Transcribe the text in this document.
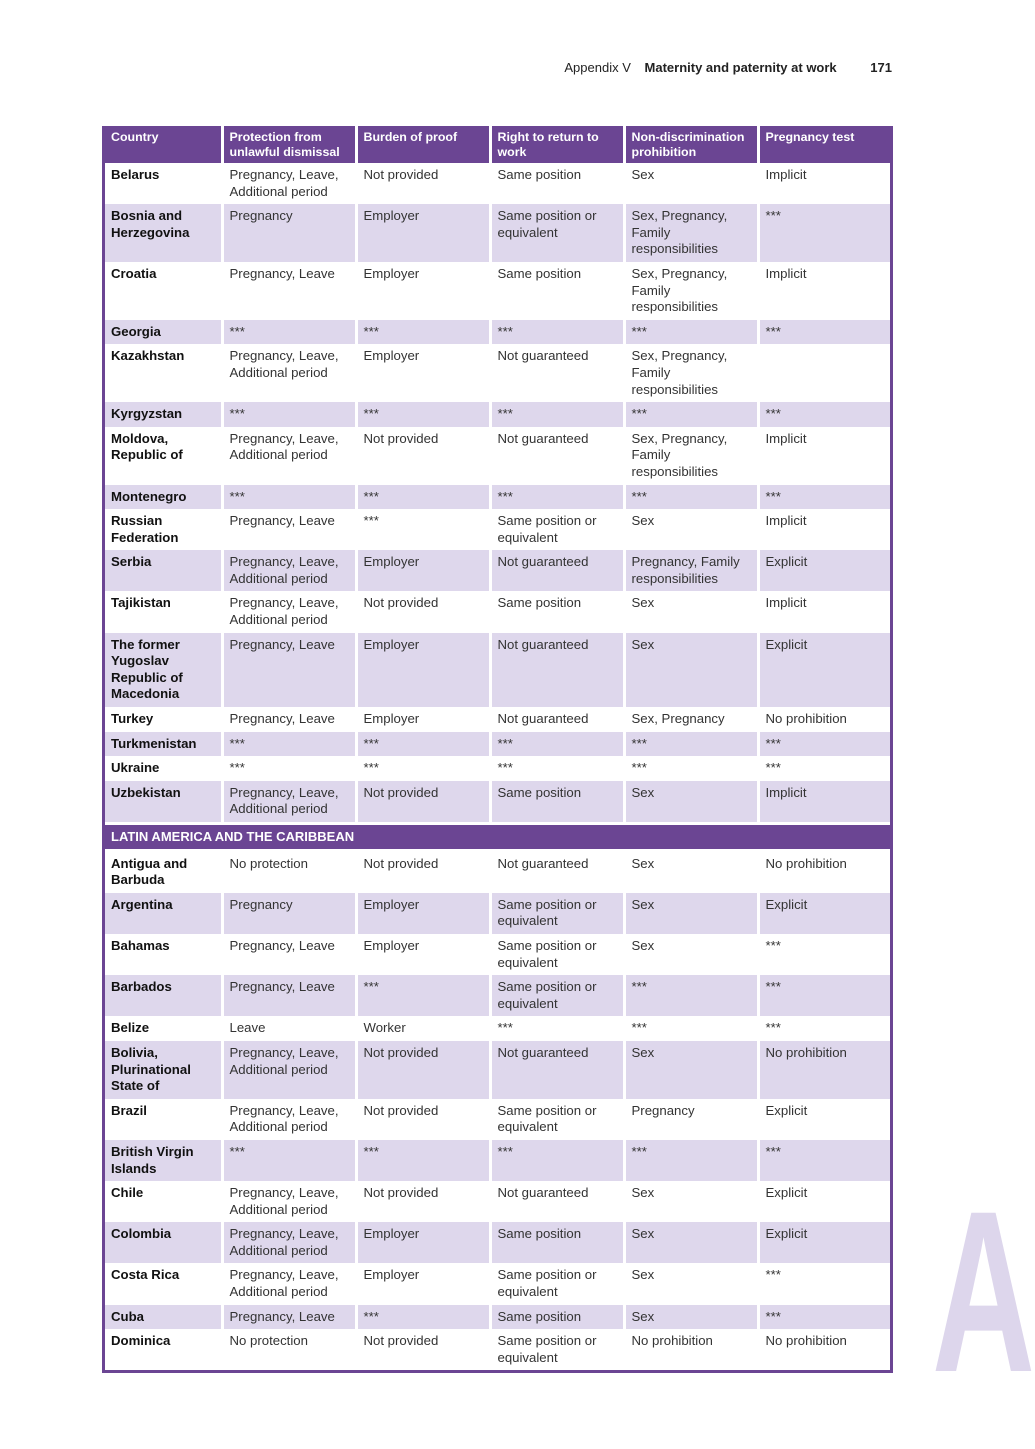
Appendix V Maternity and paternity at work	171
Country	Protection from unlawful dismissal	Burden of proof	Right to return to work	Non-discrimination prohibition	Pregnancy test
Belarus	Pregnancy, Leave, Additional period	Not provided	Same position	Sex	Implicit
Bosnia and Herzegovina	Pregnancy	Employer	Same position or equivalent	Sex, Pregnancy, Family responsibilities	***
Croatia	Pregnancy, Leave	Employer	Same position	Sex, Pregnancy, Family responsibilities	Implicit
Georgia	***	***	***	***	***
Kazakhstan	Pregnancy, Leave, Additional period	Employer	Not guaranteed	Sex, Pregnancy, Family responsibilities	
Kyrgyzstan	***	***	***	***	***
Moldova, Republic of	Pregnancy, Leave, Additional period	Not provided	Not guaranteed	Sex, Pregnancy, Family responsibilities	Implicit
Montenegro	***	***	***	***	***
Russian Federation	Pregnancy, Leave	***	Same position or equivalent	Sex	Implicit
Serbia	Pregnancy, Leave, Additional period	Employer	Not guaranteed	Pregnancy, Family responsibilities	Explicit
Tajikistan	Pregnancy, Leave, Additional period	Not provided	Same position	Sex	Implicit
The former Yugoslav Republic of Macedonia	Pregnancy, Leave	Employer	Not guaranteed	Sex	Explicit
Turkey	Pregnancy, Leave	Employer	Not guaranteed	Sex, Pregnancy	No prohibition
Turkmenistan	***	***	***	***	***
Ukraine	***	***	***	***	***
Uzbekistan	Pregnancy, Leave, Additional period	Not provided	Same position	Sex	Implicit
LATIN AMERICA AND THE CARIBBEAN					
Antigua and Barbuda	No protection	Not provided	Not guaranteed	Sex	No prohibition
Argentina	Pregnancy	Employer	Same position or equivalent	Sex	Explicit
Bahamas	Pregnancy, Leave	Employer	Same position or equivalent	Sex	***
Barbados	Pregnancy, Leave	***	Same position or equivalent	***	***
Belize	Leave	Worker	***	***	***
Bolivia, Plurinational State of	Pregnancy, Leave, Additional period	Not provided	Not guaranteed	Sex	No prohibition
Brazil	Pregnancy, Leave, Additional period	Not provided	Same position or equivalent	Pregnancy	Explicit
British Virgin Islands	***	***	***	***	***
Chile	Pregnancy, Leave, Additional period	Not provided	Not guaranteed	Sex	Explicit
Colombia	Pregnancy, Leave, Additional period	Employer	Same position	Sex	Explicit
Costa Rica	Pregnancy, Leave, Additional period	Employer	Same position or equivalent	Sex	***
Cuba	Pregnancy, Leave	***	Same position	Sex	***
Dominica	No protection	Not provided	Same position or equivalent	No prohibition	No prohibition A
